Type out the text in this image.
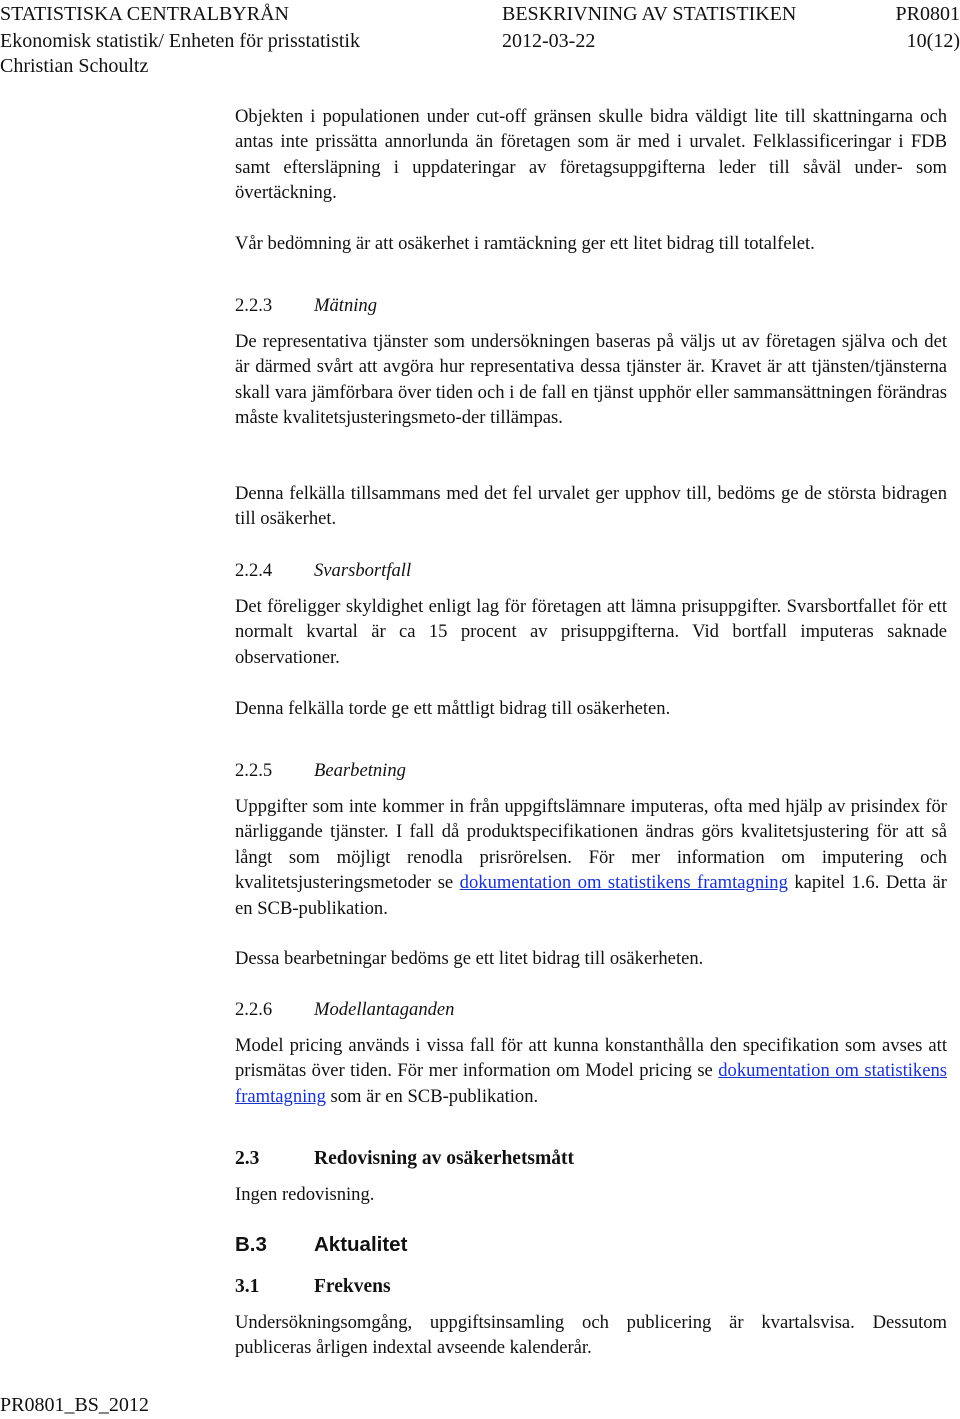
STATISTISKA CENTRALBYRÅN	BESKRIVNING AV STATISTIKEN	PR0801
Ekonomisk statistik/ Enheten för prisstatistik	2012-03-22	10(12)
Christian Schoultz

Objekten i populationen under cut-off gränsen skulle bidra väldigt lite till skattningarna och antas inte prissätta annorlunda än företagen som är med i urvalet. Felklassificeringar i FDB samt eftersläpning i uppdateringar av företagsuppgifterna leder till såväl under- som övertäckning.

Vår bedömning är att osäkerhet i ramtäckning ger ett litet bidrag till totalfelet.

2.2.3 Mätning

De representativa tjänster som undersökningen baseras på väljs ut av företagen själva och det är därmed svårt att avgöra hur representativa dessa tjänster är. Kravet är att tjänsten/tjänsterna skall vara jämförbara över tiden och i de fall en tjänst upphör eller sammansättningen förändras måste kvalitetsjusteringsmeto-der tillämpas.

Denna felkälla tillsammans med det fel urvalet ger upphov till, bedöms ge de största bidragen till osäkerhet.

2.2.4 Svarsbortfall

Det föreligger skyldighet enligt lag för företagen att lämna prisuppgifter. Svarsbortfallet för ett normalt kvartal är ca 15 procent av prisuppgifterna. Vid bortfall imputeras saknade observationer.

Denna felkälla torde ge ett måttligt bidrag till osäkerheten.

2.2.5 Bearbetning

Uppgifter som inte kommer in från uppgiftslämnare imputeras, ofta med hjälp av prisindex för närliggande tjänster. I fall då produktspecifikationen ändras görs kvalitetsjustering för att så långt som möjligt renodla prisrörelsen. För mer information om imputering och kvalitetsjusteringsmetoder se dokumentation om statistikens framtagning kapitel 1.6. Detta är en SCB-publikation.

Dessa bearbetningar bedöms ge ett litet bidrag till osäkerheten.

2.2.6 Modellantaganden

Model pricing används i vissa fall för att kunna konstanthålla den specifikation som avses att prismätas över tiden. För mer information om Model pricing se dokumentation om statistikens framtagning som är en SCB-publikation.

2.3	Redovisning av osäkerhetsmått

Ingen redovisning.

B.3 Aktualitet
3.1	Frekvens

Undersökningsomgång, uppgiftsinsamling och publicering är kvartalsvisa. Dessutom publiceras årligen indextal avseende kalenderår.

PR0801_BS_2012
